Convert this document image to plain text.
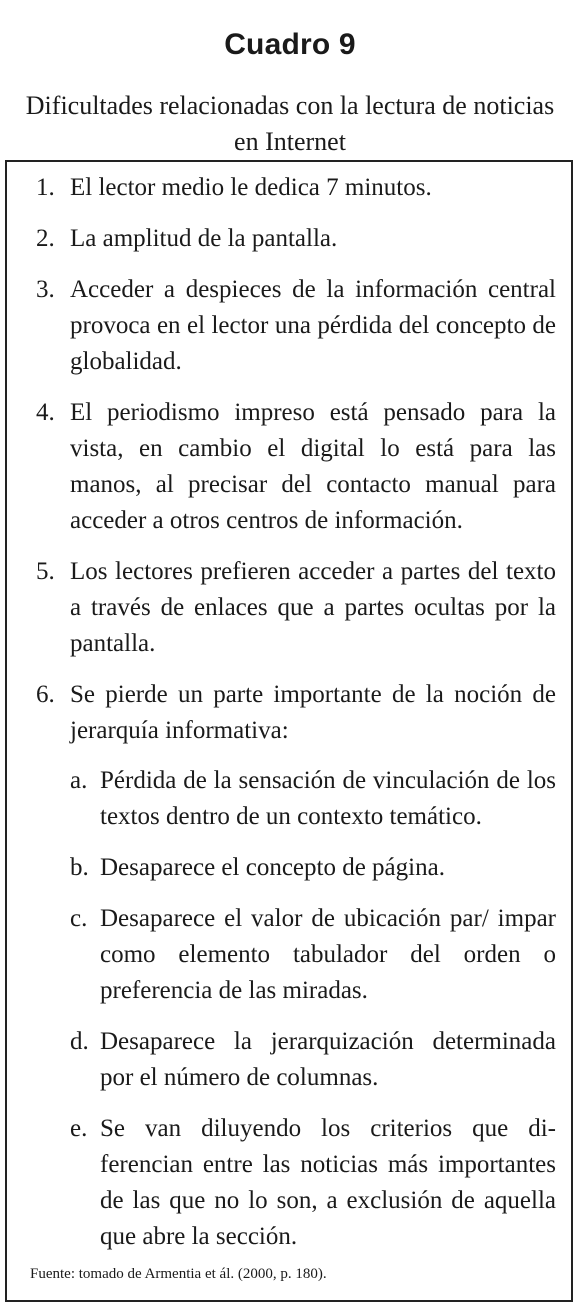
Cuadro 9
Dificultades relacionadas con la lectura de noticias en Internet
1. El lector medio le dedica 7 minutos.
2. La amplitud de la pantalla.
3. Acceder a despieces de la información central provoca en el lector una pérdida del concepto de globalidad.
4. El periodismo impreso está pensado para la vista, en cambio el digital lo está para las manos, al precisar del contacto manual para acceder a otros centros de información.
5. Los lectores prefieren acceder a partes del texto a través de enlaces que a partes ocultas por la pantalla.
6. Se pierde un parte importante de la noción de jerarquía informativa:
a. Pérdida de la sensación de vinculación de los textos dentro de un contexto temático.
b. Desaparece el concepto de página.
c. Desaparece el valor de ubicación par/ impar como elemento tabulador del orden o preferencia de las miradas.
d. Desaparece la jerarquización determinada por el número de columnas.
e. Se van diluyendo los criterios que diferencian entre las noticias más importantes de las que no lo son, a exclusión de aquella que abre la sección.
Fuente: tomado de Armentia et ál. (2000, p. 180).
